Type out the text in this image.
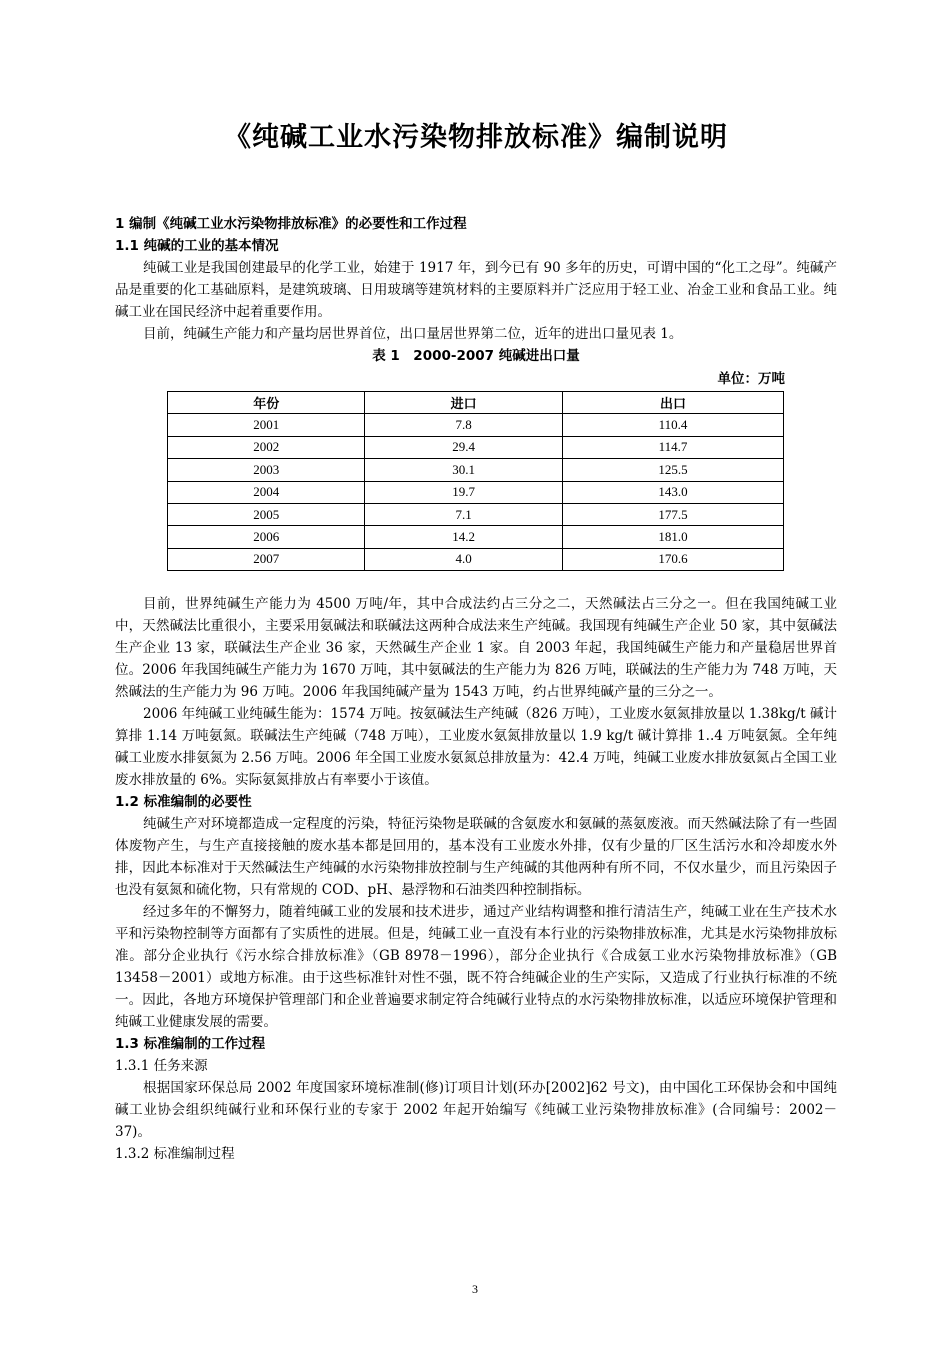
《纯碱工业水污染物排放标准》编制说明
1 编制《纯碱工业水污染物排放标准》的必要性和工作过程
1.1 纯碱的工业的基本情况

纯碱工业是我国创建最早的化学工业，始建于 1917 年，到今已有 90 多年的历史，可谓中国的“化工之母”。纯碱产品是重要的化工基础原料，是建筑玻璃、日用玻璃等建筑材料的主要原料并广泛应用于轻工业、冶金工业和食品工业。纯碱工业在国民经济中起着重要作用。

目前，纯碱生产能力和产量均居世界首位，出口量居世界第二位，近年的进出口量见表 1。

表 1　2000-2007 纯碱进出口量
单位：万吨
年份	进口	出口
2001	7.8	110.4
2002	29.4	114.7
2003	30.1	125.5
2004	19.7	143.0
2005	7.1	177.5
2006	14.2	181.0
2007	4.0	170.6

目前，世界纯碱生产能力为 4500 万吨/年，其中合成法约占三分之二，天然碱法占三分之一。但在我国纯碱工业中，天然碱法比重很小，主要采用氨碱法和联碱法这两种合成法来生产纯碱。我国现有纯碱生产企业 50 家，其中氨碱法生产企业 13 家，联碱法生产企业 36 家，天然碱生产企业 1 家。自 2003 年起，我国纯碱生产能力和产量稳居世界首位。2006 年我国纯碱生产能力为 1670 万吨，其中氨碱法的生产能力为 826 万吨，联碱法的生产能力为 748 万吨，天然碱法的生产能力为 96 万吨。2006 年我国纯碱产量为 1543 万吨，约占世界纯碱产量的三分之一。

2006 年纯碱工业纯碱生能为：1574 万吨。按氨碱法生产纯碱（826 万吨），工业废水氨氮排放量以 1.38kg/t 碱计算排 1.14 万吨氨氮。联碱法生产纯碱（748 万吨），工业废水氨氮排放量以 1.9 kg/t 碱计算排 1..4 万吨氨氮。全年纯碱工业废水排氨氮为 2.56 万吨。2006 年全国工业废水氨氮总排放量为：42.4 万吨，纯碱工业废水排放氨氮占全国工业废水排放量的 6%。实际氨氮排放占有率要小于该值。

1.2 标准编制的必要性

纯碱生产对环境都造成一定程度的污染，特征污染物是联碱的含氨废水和氨碱的蒸氨废液。而天然碱法除了有一些固体废物产生，与生产直接接触的废水基本都是回用的，基本没有工业废水外排，仅有少量的厂区生活污水和冷却废水外排，因此本标准对于天然碱法生产纯碱的水污染物排放控制与生产纯碱的其他两种有所不同，不仅水量少，而且污染因子也没有氨氮和硫化物，只有常规的 COD、pH、悬浮物和石油类四种控制指标。

经过多年的不懈努力，随着纯碱工业的发展和技术进步，通过产业结构调整和推行清洁生产，纯碱工业在生产技术水平和污染物控制等方面都有了实质性的进展。但是，纯碱工业一直没有本行业的污染物排放标准，尤其是水污染物排放标准。部分企业执行《污水综合排放标准》（GB 8978－1996），部分企业执行《合成氨工业水污染物排放标准》（GB 13458－2001）或地方标准。由于这些标准针对性不强，既不符合纯碱企业的生产实际，又造成了行业执行标准的不统一。因此，各地方环境保护管理部门和企业普遍要求制定符合纯碱行业特点的水污染物排放标准，以适应环境保护管理和纯碱工业健康发展的需要。

1.3 标准编制的工作过程
1.3.1 任务来源

根据国家环保总局 2002 年度国家环境标准制(修)订项目计划(环办[2002]62 号文)，由中国化工环保协会和中国纯碱工业协会组织纯碱行业和环保行业的专家于 2002 年起开始编写《纯碱工业污染物排放标准》(合同编号：2002－37)。

1.3.2 标准编制过程
3
